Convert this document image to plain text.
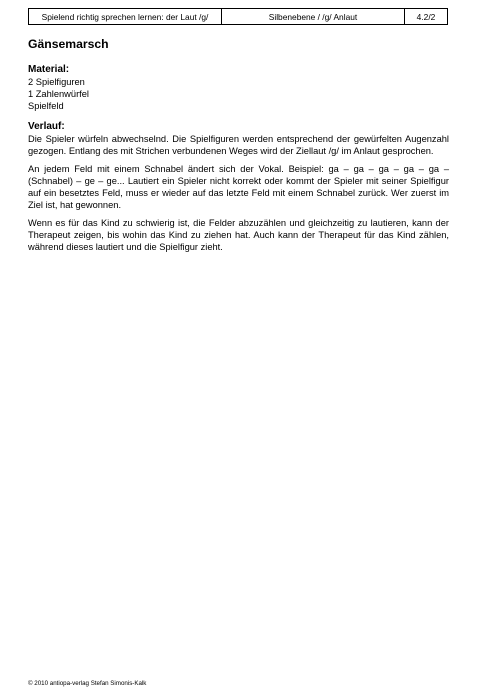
Spielend richtig sprechen lernen: der Laut /g/	Silbenebene / /g/ Anlaut	4.2/2
Gänsemarsch
Material:
2 Spielfiguren
1 Zahlenwürfel
Spielfeld
Verlauf:

Die Spieler würfeln abwechselnd. Die Spielfiguren werden entsprechend der gewürfelten Augenzahl gezogen. Entlang des mit Strichen verbundenen Weges wird der Ziellaut /g/ im Anlaut gesprochen.

An jedem Feld mit einem Schnabel ändert sich der Vokal. Beispiel: ga – ga – ga – ga – ga – (Schnabel) – ge – ge... Lautiert ein Spieler nicht korrekt oder kommt der Spieler mit seiner Spielfigur auf ein besetztes Feld, muss er wieder auf das letzte Feld mit einem Schnabel zurück. Wer zuerst im Ziel ist, hat gewonnen.

Wenn es für das Kind zu schwierig ist, die Felder abzuzählen und gleichzeitig zu lautieren, kann der Therapeut zeigen, bis wohin das Kind zu ziehen hat. Auch kann der Therapeut für das Kind zählen, während dieses lautiert und die Spielfigur zieht.

© 2010 antiopa-verlag Stefan Simonis-Kalk
